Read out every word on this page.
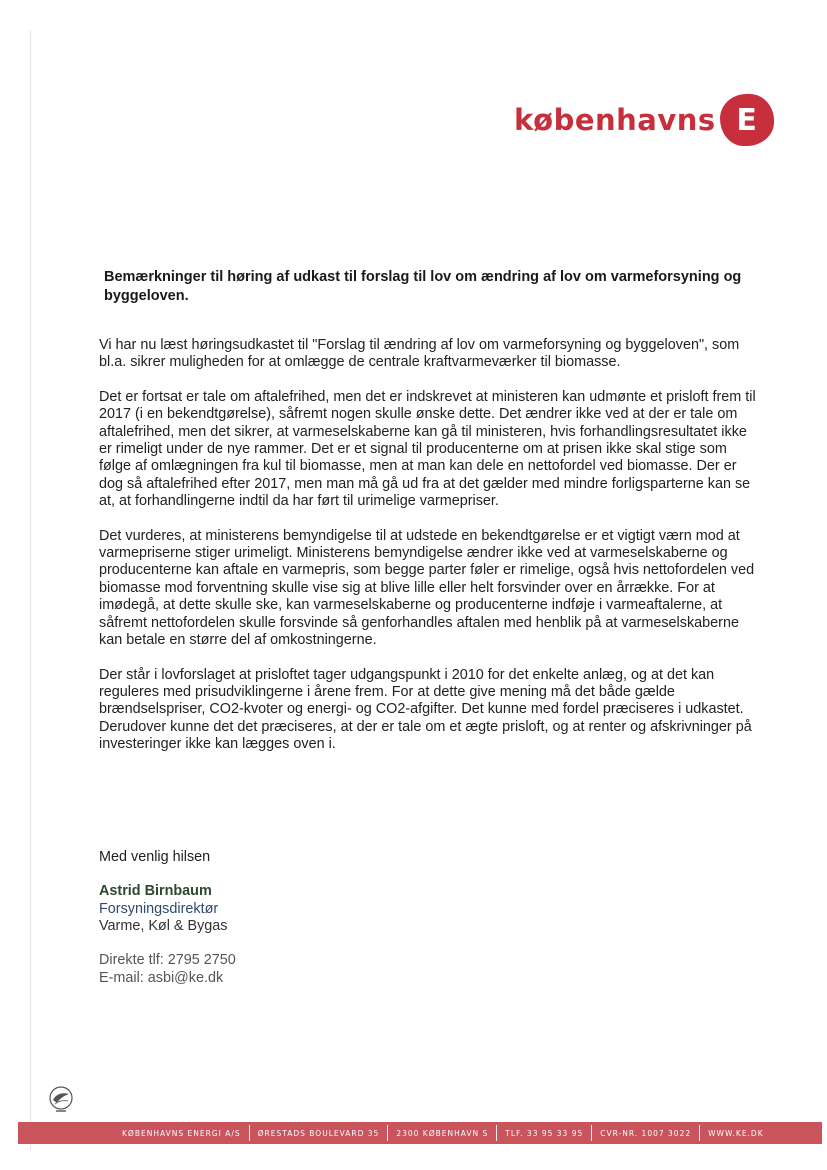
københavns E
Bemærkninger til høring af udkast til forslag til lov om ændring af lov om varmeforsyning og byggeloven.

Vi har nu læst høringsudkastet til "Forslag til ændring af lov om varmeforsyning og byggeloven", som bl.a. sikrer muligheden for at omlægge de centrale kraftvarmeværker til biomasse.

Det er fortsat er tale om aftalefrihed, men det er indskrevet at ministeren kan udmønte et prisloft frem til 2017 (i en bekendtgørelse), såfremt nogen skulle ønske dette. Det ændrer ikke ved at der er tale om aftalefrihed, men det sikrer, at varmeselskaberne kan gå til ministeren, hvis forhandlingsresultatet ikke er rimeligt under de nye rammer. Det er et signal til producenterne om at prisen ikke skal stige som følge af omlægningen fra kul til biomasse, men at man kan dele en nettofordel ved biomasse. Der er dog så aftalefrihed efter 2017, men man må gå ud fra at det gælder med mindre forligsparterne kan se at, at forhandlingerne indtil da har ført til urimelige varmepriser.

Det vurderes, at ministerens bemyndigelse til at udstede en bekendtgørelse er et vigtigt værn mod at varmepriserne stiger urimeligt. Ministerens bemyndigelse ændrer ikke ved at varmeselskaberne og producenterne kan aftale en varmepris, som begge parter føler er rimelige, også hvis nettofordelen ved biomasse mod forventning skulle vise sig at blive lille eller helt forsvinder over en årrække. For at imødegå, at dette skulle ske, kan varmeselskaberne og producenterne indføje i varmeaftalerne, at såfremt nettofordelen skulle forsvinde så genforhandles aftalen med henblik på at varmeselskaberne kan betale en større del af omkostningerne.

Der står i lovforslaget at prisloftet tager udgangspunkt i 2010 for det enkelte anlæg, og at det kan reguleres med prisudviklingerne i årene frem. For at dette give mening må det både gælde brændselspriser, CO2-kvoter og energi- og CO2-afgifter. Det kunne med fordel præciseres i udkastet. Derudover kunne det det præciseres, at der er tale om et ægte prisloft, og at renter og afskrivninger på investeringer ikke kan lægges oven i.

Med venlig hilsen

Astrid Birnbaum
Forsyningsdirektør
Varme, Køl & Bygas
Direkte tlf: 2795 2750
E-mail: asbi@ke.dk
KØBENHAVNS ENERGI A/S ØRESTADS BOULEVARD 35 2300 KØBENHAVN S TLF. 33 95 33 95 CVR-NR. 1007 3022 WWW.KE.DK
